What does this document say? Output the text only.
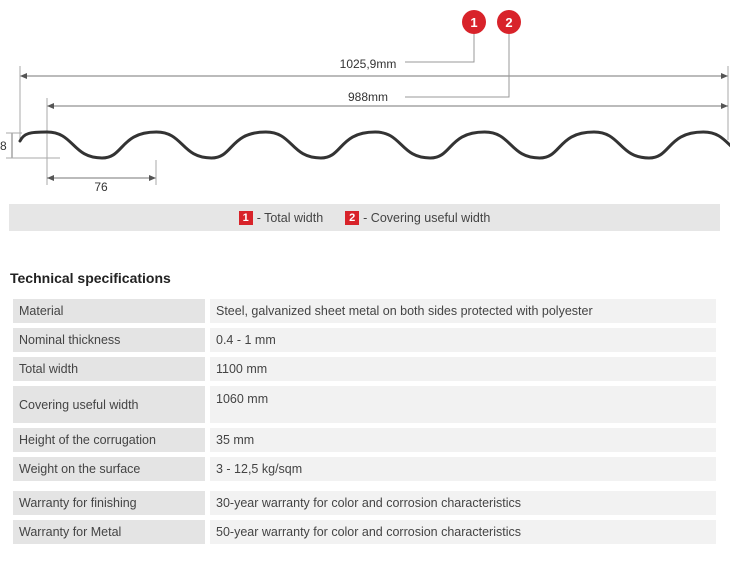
1025,9mm
988mm
1 2
8
76
1 - Total width	2 - Covering useful width
Technical specifications
Material	Steel, galvanized sheet metal on both sides protected with polyester
Nominal thickness	0.4 - 1 mm
Total width	1100 mm
Covering useful width	1060 mm
Height of the corrugation	35 mm
Weight on the surface	3 - 12,5 kg/sqm
Warranty for finishing	30-year warranty for color and corrosion characteristics
Warranty for Metal	50-year warranty for color and corrosion characteristics
